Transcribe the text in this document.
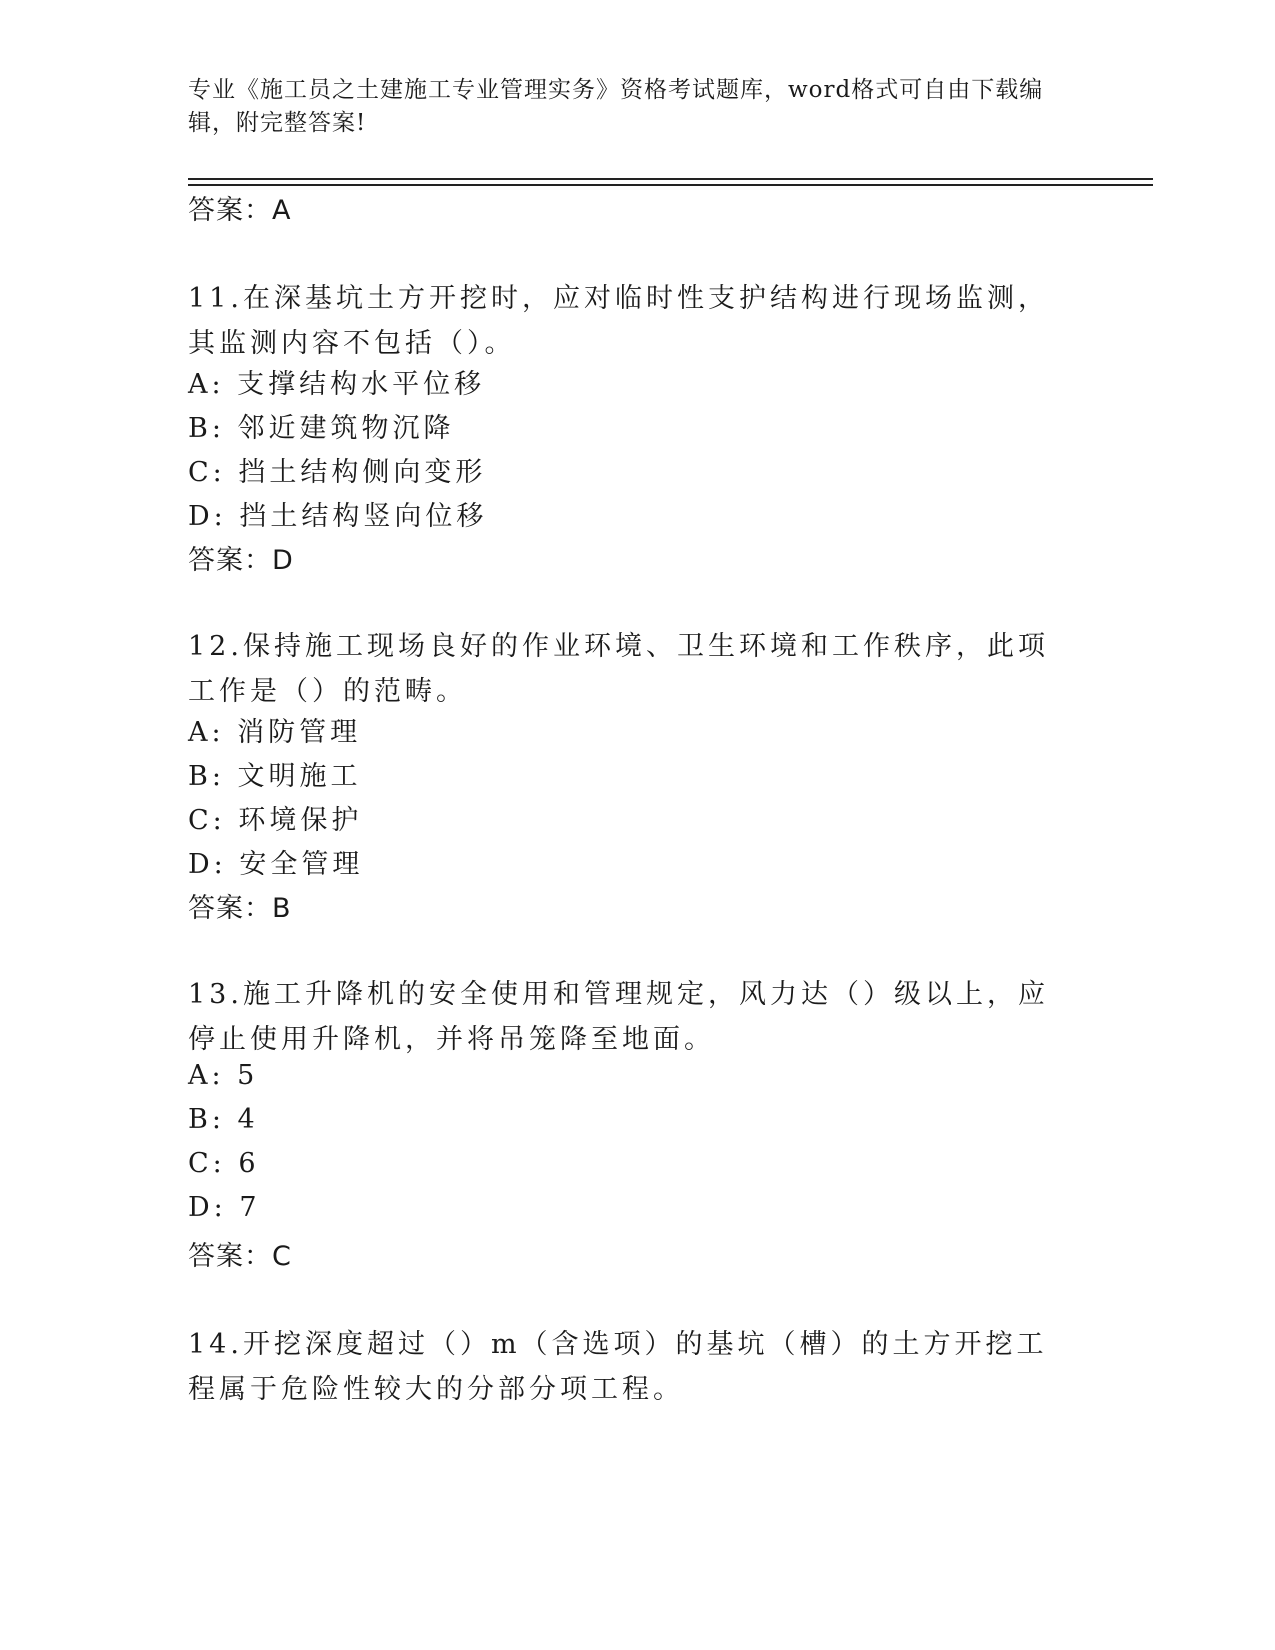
专业《施工员之土建施工专业管理实务》资格考试题库，word格式可自由下载编辑，附完整答案!
答案：A
11.在深基坑土方开挖时，应对临时性支护结构进行现场监测，其监测内容不包括（）。
A: 支撑结构水平位移
B: 邻近建筑物沉降
C: 挡土结构侧向变形
D: 挡土结构竖向位移
答案：D
12.保持施工现场良好的作业环境、卫生环境和工作秩序，此项工作是（）的范畴。
A: 消防管理
B: 文明施工
C: 环境保护
D: 安全管理
答案：B
13.施工升降机的安全使用和管理规定，风力达（）级以上，应停止使用升降机，并将吊笼降至地面。
A: 5
B: 4
C: 6
D: 7
答案：C
14.开挖深度超过（）m（含选项）的基坑（槽）的土方开挖工程属于危险性较大的分部分项工程。
